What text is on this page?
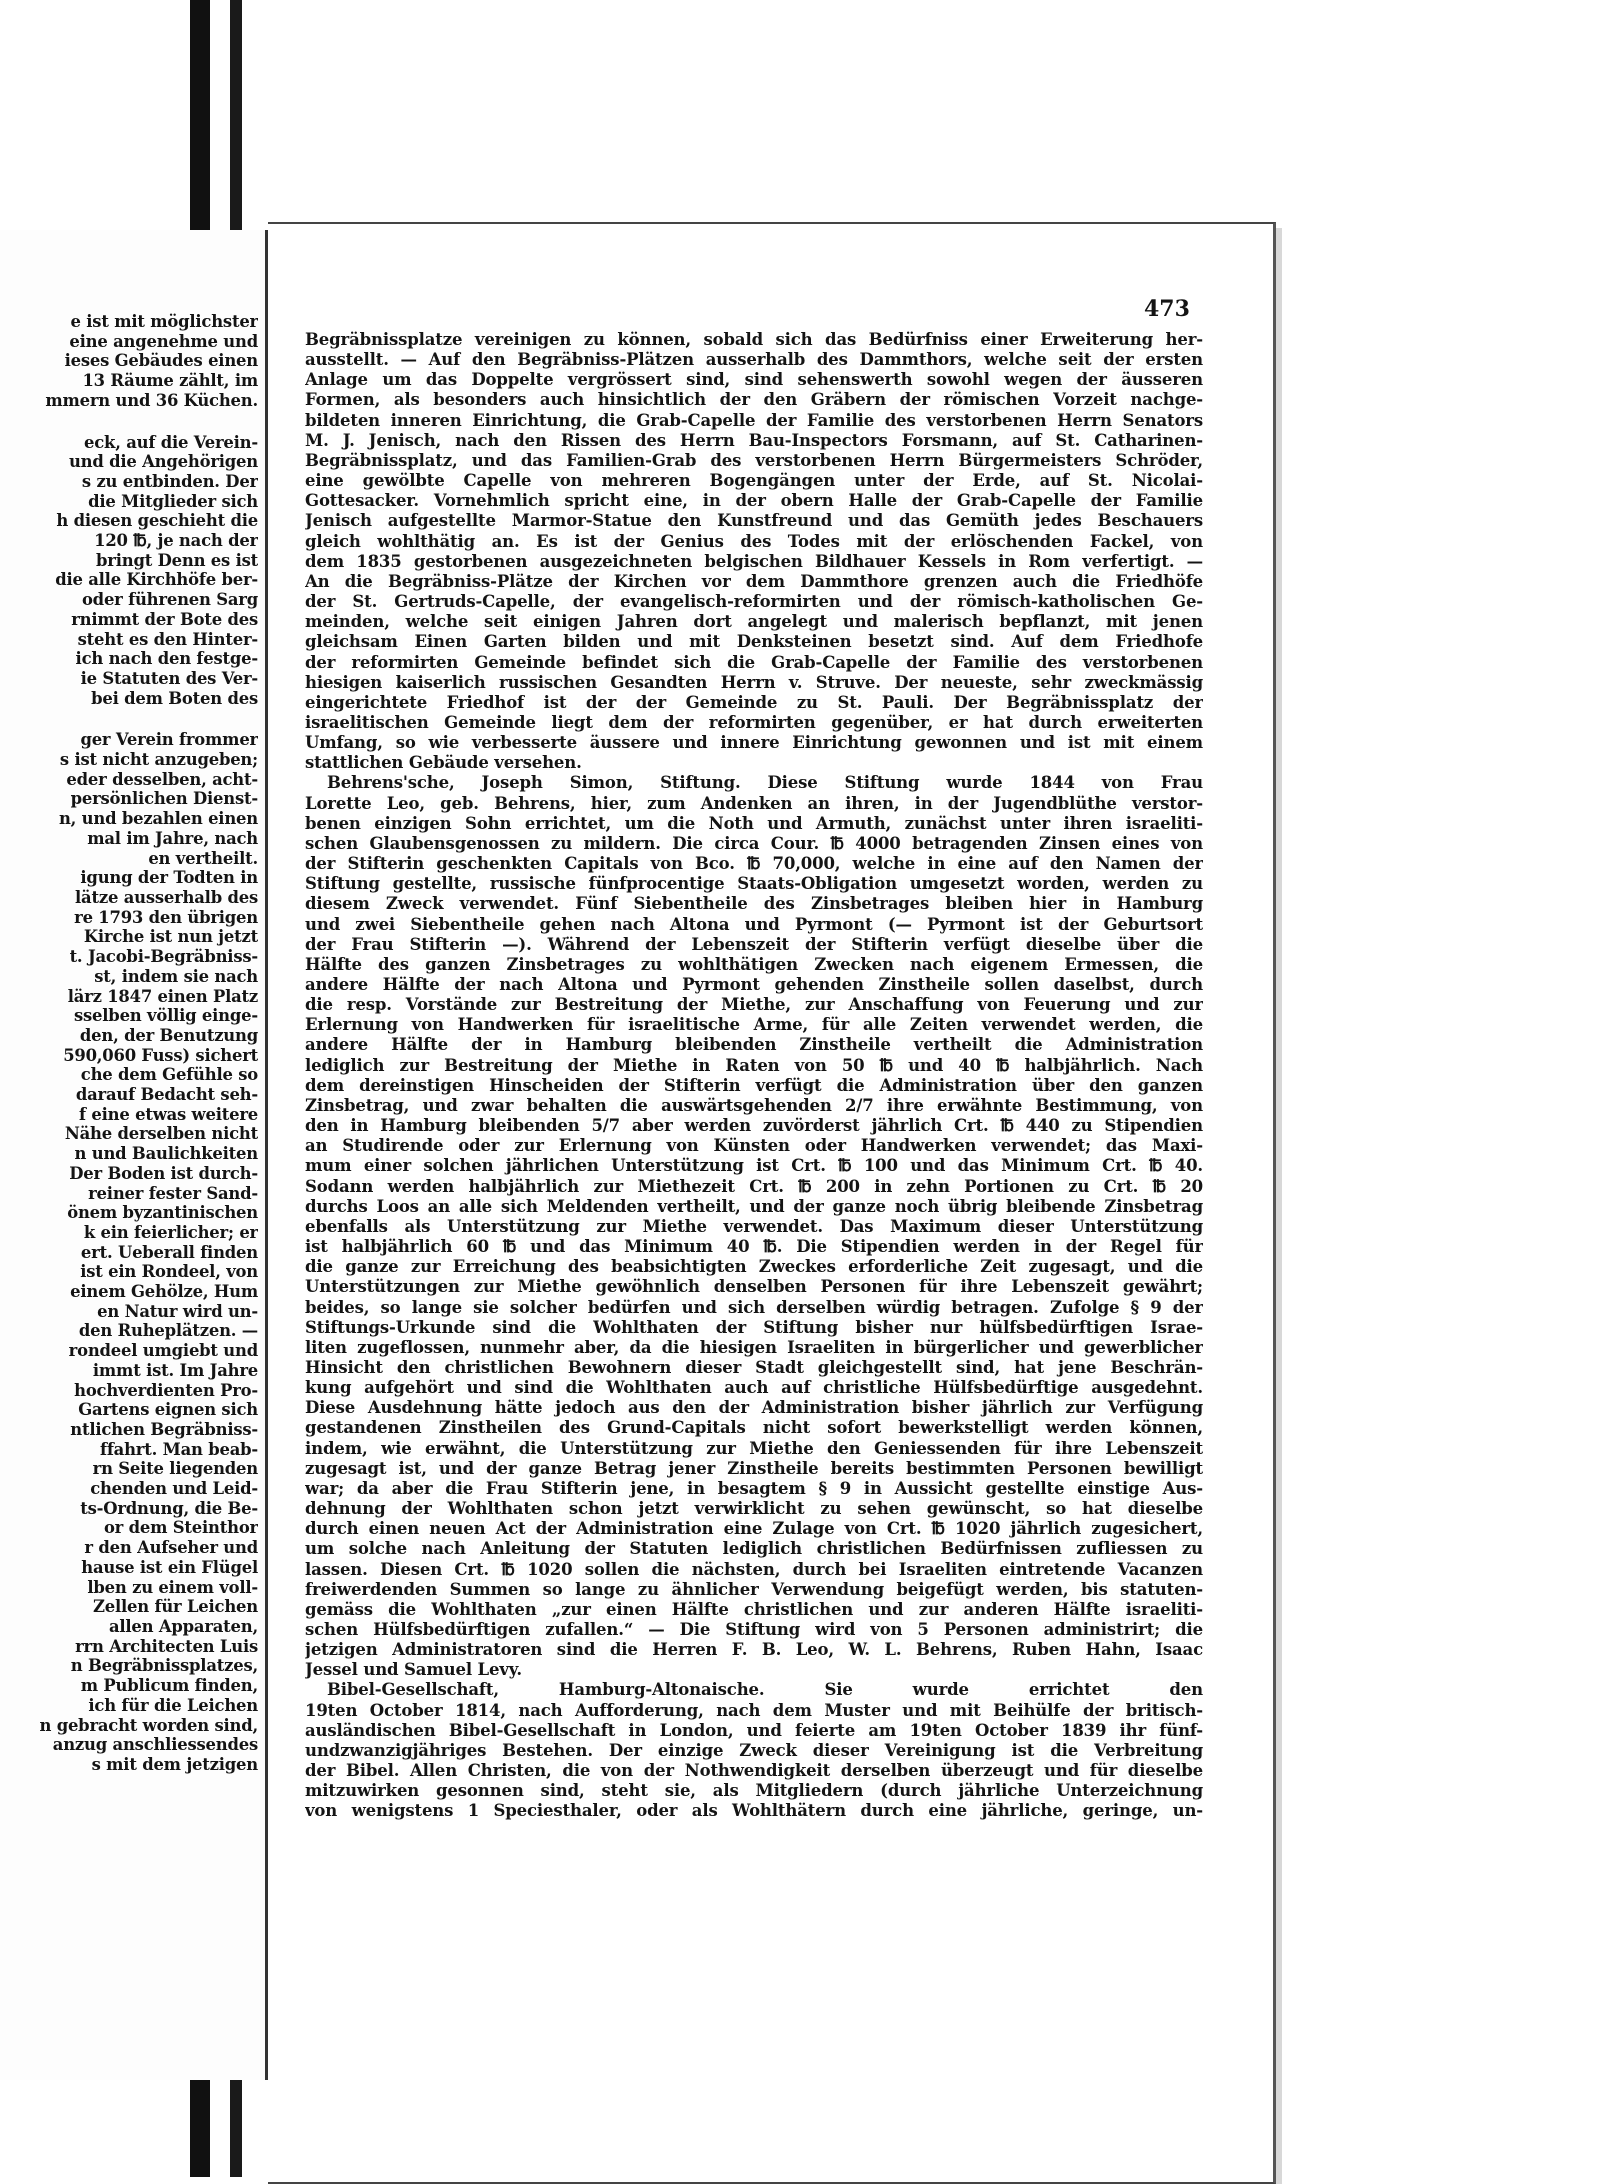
e ist mit möglichster
eine angenehme und
ieses Gebäudes einen
13 Räume zählt, im
mmern und 36 Küchen.
eck, auf die Verein-
und die Angehörigen
s zu entbinden. Der
die Mitglieder sich
h diesen geschieht die
120 ℔, je nach der
bringt Denn es ist
die alle Kirchhöfe ber-
oder führenen Sarg
rnimmt der Bote des
steht es den Hinter-
ich nach den festge-
ie Statuten des Ver-
bei dem Boten des
ger Verein frommer
s ist nicht anzugeben;
eder desselben, acht-
persönlichen Dienst-
n, und bezahlen einen
mal im Jahre, nach
en vertheilt.
igung der Todten in
lätze ausserhalb des
re 1793 den übrigen
Kirche ist nun jetzt
t. Jacobi-Begräbniss-
st, indem sie nach
lärz 1847 einen Platz
sselben völlig einge-
den, der Benutzung
590,060 Fuss) sichert
che dem Gefühle so
darauf Bedacht seh-
f eine etwas weitere
Nähe derselben nicht
n und Baulichkeiten
Der Boden ist durch-
reiner fester Sand-
önem byzantinischen
k ein feierlicher; er
ert. Ueberall finden
ist ein Rondeel, von
einem Gehölze, Hum
en Natur wird un-
den Ruheplätzen. —
rondeel umgiebt und
immt ist. Im Jahre
hochverdienten Pro-
Gartens eignen sich
ntlichen Begräbniss-
ffahrt. Man beab-
rn Seite liegenden
chenden und Leid-
ts-Ordnung, die Be-
or dem Steinthor
r den Aufseher und
hause ist ein Flügel
lben zu einem voll-
Zellen für Leichen
allen Apparaten,
rrn Architecten Luis
n Begräbnissplatzes,
m Publicum finden,
ich für die Leichen
n gebracht worden sind,
anzug anschliessendes
s mit dem jetzigen
473
Begräbnissplatze vereinigen zu können, sobald sich das Bedürfniss einer Erweiterung her-
ausstellt. — Auf den Begräbniss-Plätzen ausserhalb des Dammthors, welche seit der ersten
Anlage um das Doppelte vergrössert sind, sind sehenswerth sowohl wegen der äusseren
Formen, als besonders auch hinsichtlich der den Gräbern der römischen Vorzeit nachge-
bildeten inneren Einrichtung, die Grab-Capelle der Familie des verstorbenen Herrn Senators
M. J. Jenisch, nach den Rissen des Herrn Bau-Inspectors Forsmann, auf St. Catharinen-
Begräbnissplatz, und das Familien-Grab des verstorbenen Herrn Bürgermeisters Schröder,
eine gewölbte Capelle von mehreren Bogengängen unter der Erde, auf St. Nicolai-
Gottesacker. Vornehmlich spricht eine, in der obern Halle der Grab-Capelle der Familie
Jenisch aufgestellte Marmor-Statue den Kunstfreund und das Gemüth jedes Beschauers
gleich wohlthätig an. Es ist der Genius des Todes mit der erlöschenden Fackel, von
dem 1835 gestorbenen ausgezeichneten belgischen Bildhauer Kessels in Rom verfertigt. —
An die Begräbniss-Plätze der Kirchen vor dem Dammthore grenzen auch die Friedhöfe
der St. Gertruds-Capelle, der evangelisch-reformirten und der römisch-katholischen Ge-
meinden, welche seit einigen Jahren dort angelegt und malerisch bepflanzt, mit jenen
gleichsam Einen Garten bilden und mit Denksteinen besetzt sind. Auf dem Friedhofe
der reformirten Gemeinde befindet sich die Grab-Capelle der Familie des verstorbenen
hiesigen kaiserlich russischen Gesandten Herrn v. Struve. Der neueste, sehr zweckmässig
eingerichtete Friedhof ist der der Gemeinde zu St. Pauli. Der Begräbnissplatz der
israelitischen Gemeinde liegt dem der reformirten gegenüber, er hat durch erweiterten
Umfang, so wie verbesserte äussere und innere Einrichtung gewonnen und ist mit einem
stattlichen Gebäude versehen.
Behrens'sche, Joseph Simon, Stiftung. Diese Stiftung wurde 1844 von Frau
Lorette Leo, geb. Behrens, hier, zum Andenken an ihren, in der Jugendblüthe verstor-
benen einzigen Sohn errichtet, um die Noth und Armuth, zunächst unter ihren israeliti-
schen Glaubensgenossen zu mildern. Die circa Cour. ℔ 4000 betragenden Zinsen eines von
der Stifterin geschenkten Capitals von Bco. ℔ 70,000, welche in eine auf den Namen der
Stiftung gestellte, russische fünfprocentige Staats-Obligation umgesetzt worden, werden zu
diesem Zweck verwendet. Fünf Siebentheile des Zinsbetrages bleiben hier in Hamburg
und zwei Siebentheile gehen nach Altona und Pyrmont (— Pyrmont ist der Geburtsort
der Frau Stifterin —). Während der Lebenszeit der Stifterin verfügt dieselbe über die
Hälfte des ganzen Zinsbetrages zu wohlthätigen Zwecken nach eigenem Ermessen, die
andere Hälfte der nach Altona und Pyrmont gehenden Zinstheile sollen daselbst, durch
die resp. Vorstände zur Bestreitung der Miethe, zur Anschaffung von Feuerung und zur
Erlernung von Handwerken für israelitische Arme, für alle Zeiten verwendet werden, die
andere Hälfte der in Hamburg bleibenden Zinstheile vertheilt die Administration
lediglich zur Bestreitung der Miethe in Raten von 50 ℔ und 40 ℔ halbjährlich. Nach
dem dereinstigen Hinscheiden der Stifterin verfügt die Administration über den ganzen
Zinsbetrag, und zwar behalten die auswärtsgehenden 2/7 ihre erwähnte Bestimmung, von
den in Hamburg bleibenden 5/7 aber werden zuvörderst jährlich Crt. ℔ 440 zu Stipendien
an Studirende oder zur Erlernung von Künsten oder Handwerken verwendet; das Maxi-
mum einer solchen jährlichen Unterstützung ist Crt. ℔ 100 und das Minimum Crt. ℔ 40.
Sodann werden halbjährlich zur Miethezeit Crt. ℔ 200 in zehn Portionen zu Crt. ℔ 20
durchs Loos an alle sich Meldenden vertheilt, und der ganze noch übrig bleibende Zinsbetrag
ebenfalls als Unterstützung zur Miethe verwendet. Das Maximum dieser Unterstützung
ist halbjährlich 60 ℔ und das Minimum 40 ℔. Die Stipendien werden in der Regel für
die ganze zur Erreichung des beabsichtigten Zweckes erforderliche Zeit zugesagt, und die
Unterstützungen zur Miethe gewöhnlich denselben Personen für ihre Lebenszeit gewährt;
beides, so lange sie solcher bedürfen und sich derselben würdig betragen. Zufolge § 9 der
Stiftungs-Urkunde sind die Wohlthaten der Stiftung bisher nur hülfsbedürftigen Israe-
liten zugeflossen, nunmehr aber, da die hiesigen Israeliten in bürgerlicher und gewerblicher
Hinsicht den christlichen Bewohnern dieser Stadt gleichgestellt sind, hat jene Beschrän-
kung aufgehört und sind die Wohlthaten auch auf christliche Hülfsbedürftige ausgedehnt.
Diese Ausdehnung hätte jedoch aus den der Administration bisher jährlich zur Verfügung
gestandenen Zinstheilen des Grund-Capitals nicht sofort bewerkstelligt werden können,
indem, wie erwähnt, die Unterstützung zur Miethe den Geniessenden für ihre Lebenszeit
zugesagt ist, und der ganze Betrag jener Zinstheile bereits bestimmten Personen bewilligt
war; da aber die Frau Stifterin jene, in besagtem § 9 in Aussicht gestellte einstige Aus-
dehnung der Wohlthaten schon jetzt verwirklicht zu sehen gewünscht, so hat dieselbe
durch einen neuen Act der Administration eine Zulage von Crt. ℔ 1020 jährlich zugesichert,
um solche nach Anleitung der Statuten lediglich christlichen Bedürfnissen zufliessen zu
lassen. Diesen Crt. ℔ 1020 sollen die nächsten, durch bei Israeliten eintretende Vacanzen
freiwerdenden Summen so lange zu ähnlicher Verwendung beigefügt werden, bis statuten-
gemäss die Wohlthaten „zur einen Hälfte christlichen und zur anderen Hälfte israeliti-
schen Hülfsbedürftigen zufallen.“ — Die Stiftung wird von 5 Personen administrirt; die
jetzigen Administratoren sind die Herren F. B. Leo, W. L. Behrens, Ruben Hahn, Isaac
Jessel und Samuel Levy.
Bibel-Gesellschaft, Hamburg-Altonaische. Sie wurde errichtet den
19ten October 1814, nach Aufforderung, nach dem Muster und mit Beihülfe der britisch-
ausländischen Bibel-Gesellschaft in London, und feierte am 19ten October 1839 ihr fünf-
undzwanzigjähriges Bestehen. Der einzige Zweck dieser Vereinigung ist die Verbreitung
der Bibel. Allen Christen, die von der Nothwendigkeit derselben überzeugt und für dieselbe
mitzuwirken gesonnen sind, steht sie, als Mitgliedern (durch jährliche Unterzeichnung
von wenigstens 1 Speciesthaler, oder als Wohlthätern durch eine jährliche, geringe, un-
